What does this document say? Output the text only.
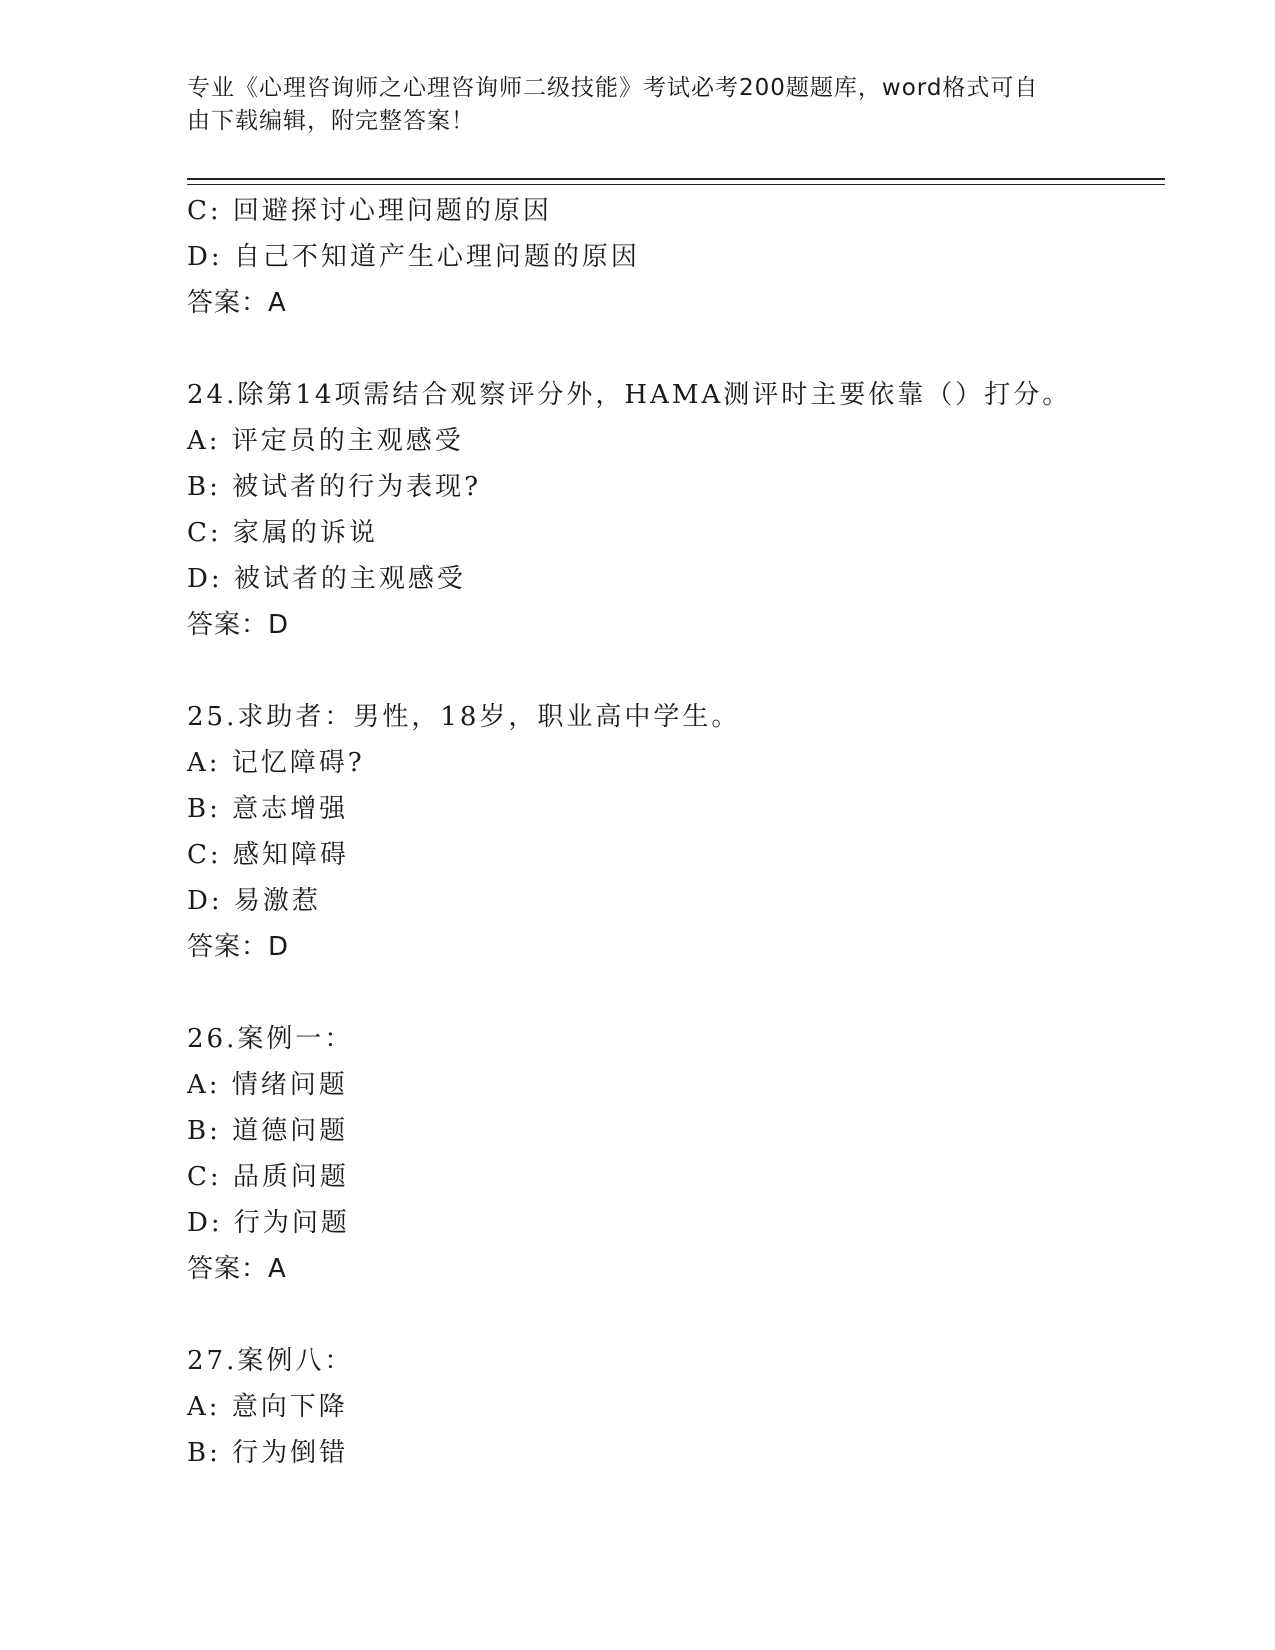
专业《心理咨询师之心理咨询师二级技能》考试必考200题题库，word格式可自
由下载编辑，附完整答案！
C: 回避探讨心理问题的原因
D: 自己不知道产生心理问题的原因
答案：A
24.除第14项需结合观察评分外，HAMA测评时主要依靠（）打分。
A: 评定员的主观感受
B: 被试者的行为表现?
C: 家属的诉说
D: 被试者的主观感受
答案：D
25.求助者：男性，18岁，职业高中学生。
A: 记忆障碍?
B: 意志增强
C: 感知障碍
D: 易激惹
答案：D
26.案例一：
A: 情绪问题
B: 道德问题
C: 品质问题
D: 行为问题
答案：A
27.案例八：
A: 意向下降
B: 行为倒错
